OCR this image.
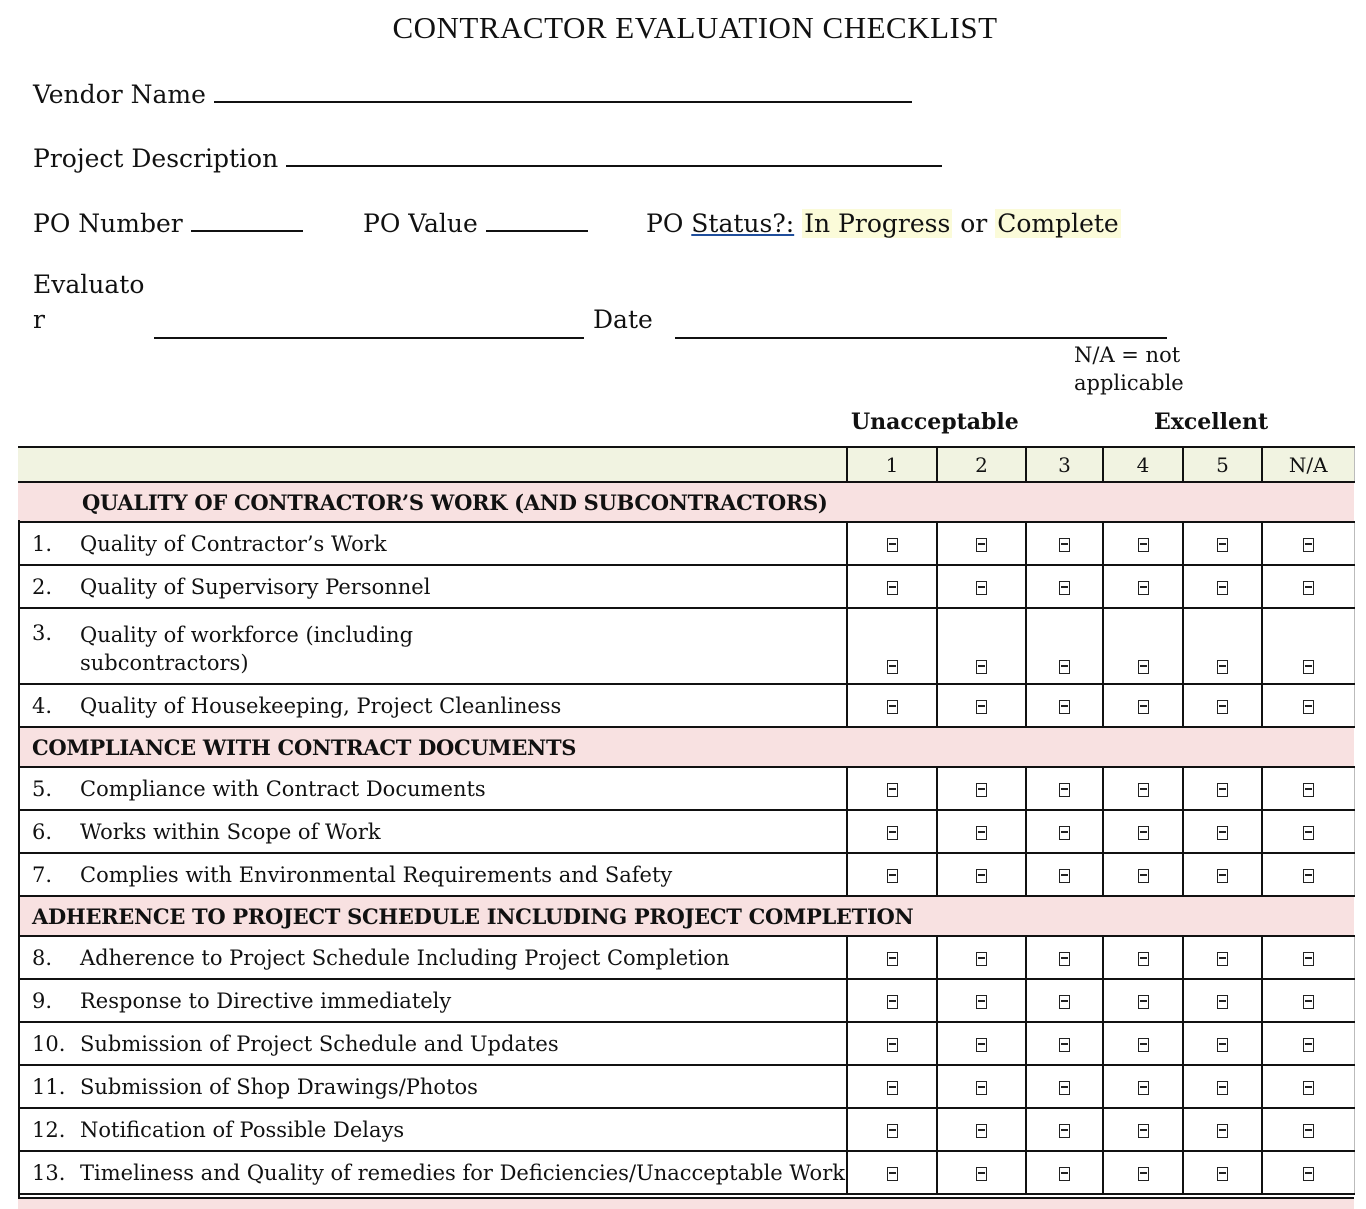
CONTRACTOR EVALUATION CHECKLIST
Vendor Name
Project Description
PO Number	PO Value	PO Status?: In Progress or Complete
Evaluato
r	Date
N/A = not
applicable
Unacceptable	Excellent
	1	2	3	4	5	N/A
QUALITY OF CONTRACTOR’S WORK (AND SUBCONTRACTORS)						
1. Quality of Contractor’s Work						
2. Quality of Supervisory Personnel						
3. Quality of workforce (including subcontractors)						
4. Quality of Housekeeping, Project Cleanliness						
COMPLIANCE WITH CONTRACT DOCUMENTS						
5. Compliance with Contract Documents						
6. Works within Scope of Work						
7. Complies with Environmental Requirements and Safety						
ADHERENCE TO PROJECT SCHEDULE INCLUDING PROJECT COMPLETION						
8. Adherence to Project Schedule Including Project Completion						
9. Response to Directive immediately						
10. Submission of Project Schedule and Updates						
11. Submission of Shop Drawings/Photos						
12. Notification of Possible Delays						
13. Timeliness and Quality of remedies for Deficiencies/Unacceptable Work						
